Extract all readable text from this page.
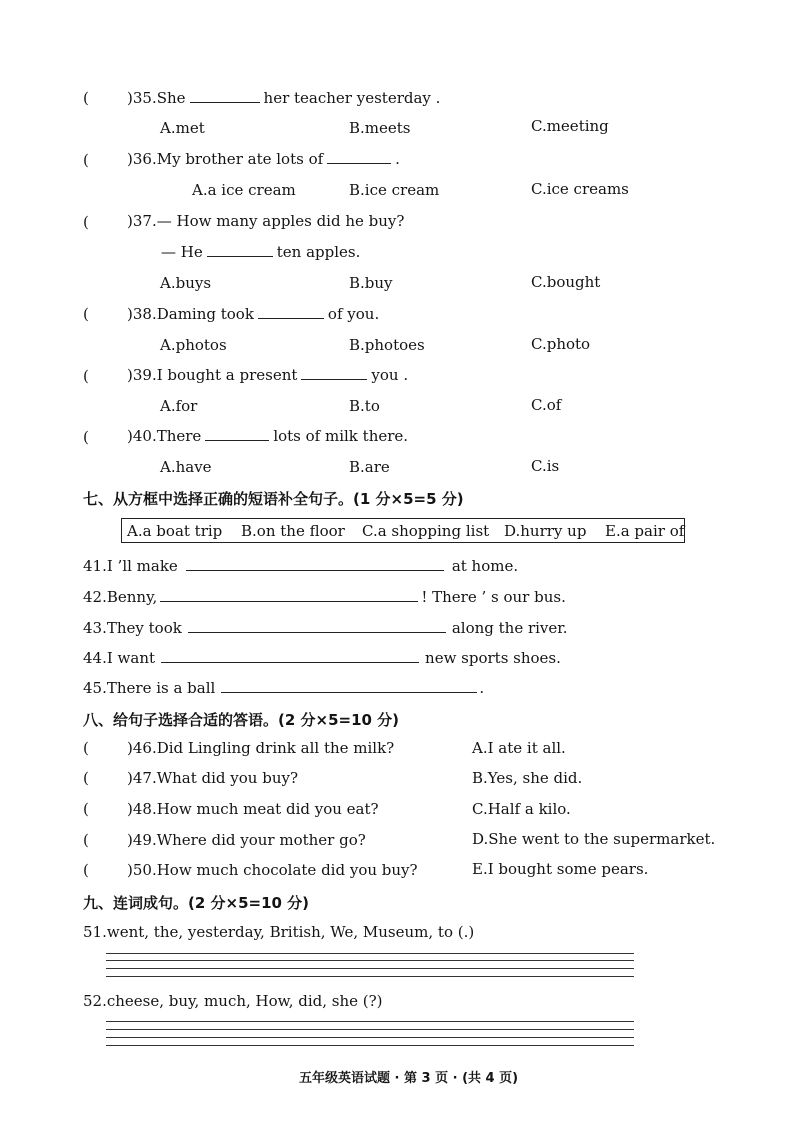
(	)35.She	her teacher yesterday .
A.met	B.meets	C.meeting
(	)36.My brother ate lots of	.
A.a ice cream	B.ice cream	C.ice creams
(	)37.— How many apples did he buy?
— He	ten apples.
A.buys	B.buy	C.bought
(	)38.Daming took	of you.
A.photos	B.photoes	C.photo
(	)39.I bought a present	you .
A.for	B.to	C.of
(	)40.There	lots of milk there.
A.have	B.are	C.is
七、从方框中选择正确的短语补全句子。(1 分×5=5 分)
A.a boat trip B.on the floor C.a shopping list D.hurry up E.a pair of
41.I ’ll make	at home.
42.Benny,	! There ’ s our bus.
43.They took	along the river.
44.I want	new sports shoes.
45.There is a ball	.
八、给句子选择合适的答语。(2 分×5=10 分)
(	)46.Did Lingling drink all the milk?	A.I ate it all.
(	)47.What did you buy?	B.Yes, she did.
(	)48.How much meat did you eat?	C.Half a kilo.
(	)49.Where did your mother go?	D.She went to the supermarket.
(	)50.How much chocolate did you buy?	E.I bought some pears.
九、连词成句。(2 分×5=10 分)
51.went, the, yesterday, British, We, Museum, to (.)
52.cheese, buy, much, How, did, she (?)
五年级英语试题 · 第 3 页 · (共 4 页)
